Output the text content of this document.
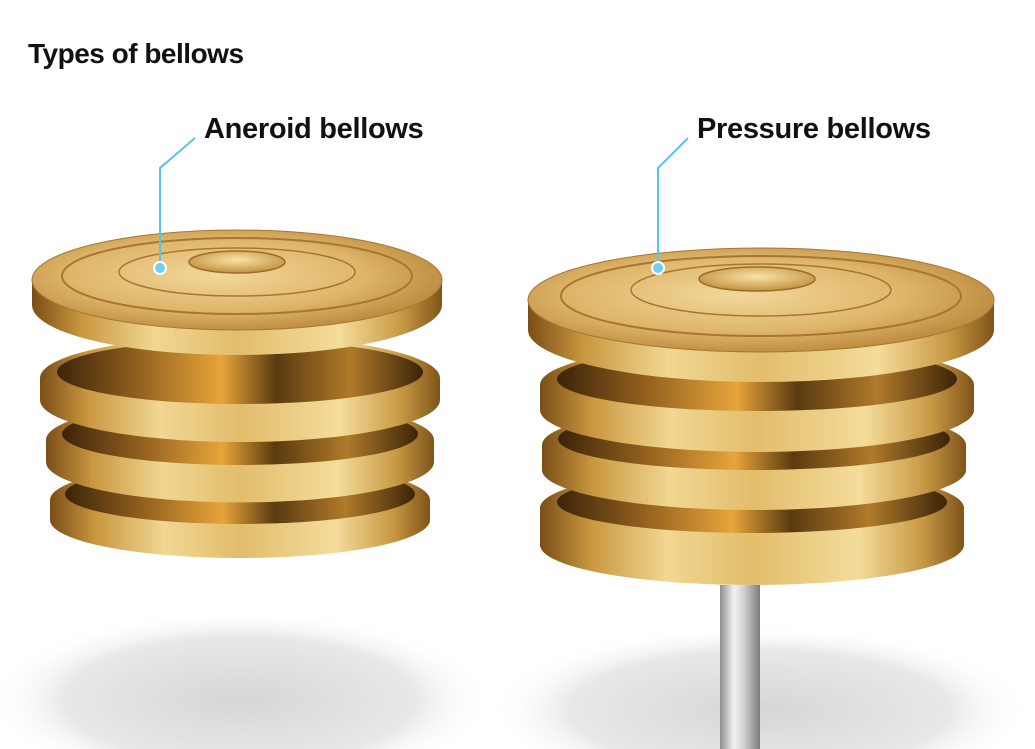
Types of bellows
Aneroid bellows	Pressure bellows
